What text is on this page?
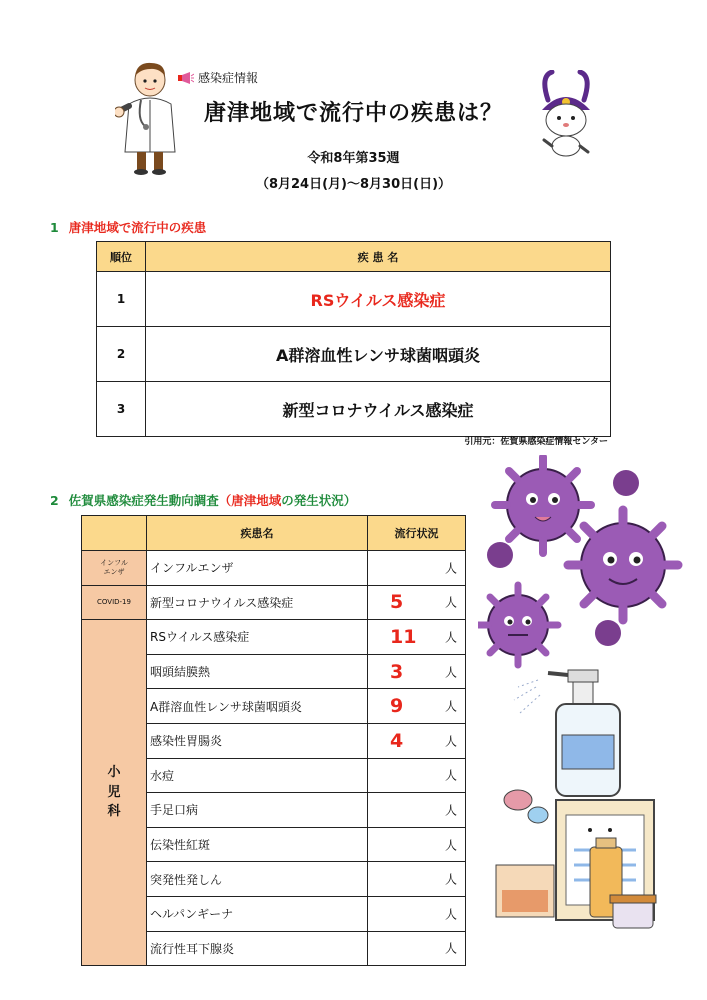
感染症情報
唐津地域で流行中の疾患は？
令和8年第35週
（8月24日(月)～8月30日(日)）
1 唐津地域で流行中の疾患
順位	疾 患 名
1	RSウイルス感染症
2	A群溶血性レンサ球菌咽頭炎
3	新型コロナウイルス感染症
引用元：佐賀県感染症情報センター
2 佐賀県感染症発生動向調査（唐津地域の発生状況）
	疾患名	流行状況
インフル
エンザ	インフルエンザ	人

COVID-19	新型コロナウイルス感染症	5 人

小
児
科	RSウイルス感染症	11 人

	咽頭結膜熱	3 人

	A群溶血性レンサ球菌咽頭炎	9 人

	感染性胃腸炎	4 人

	水痘	人

	手足口病	人

	伝染性紅斑	人

	突発性発しん	人

	ヘルパンギーナ	人

	流行性耳下腺炎	人
